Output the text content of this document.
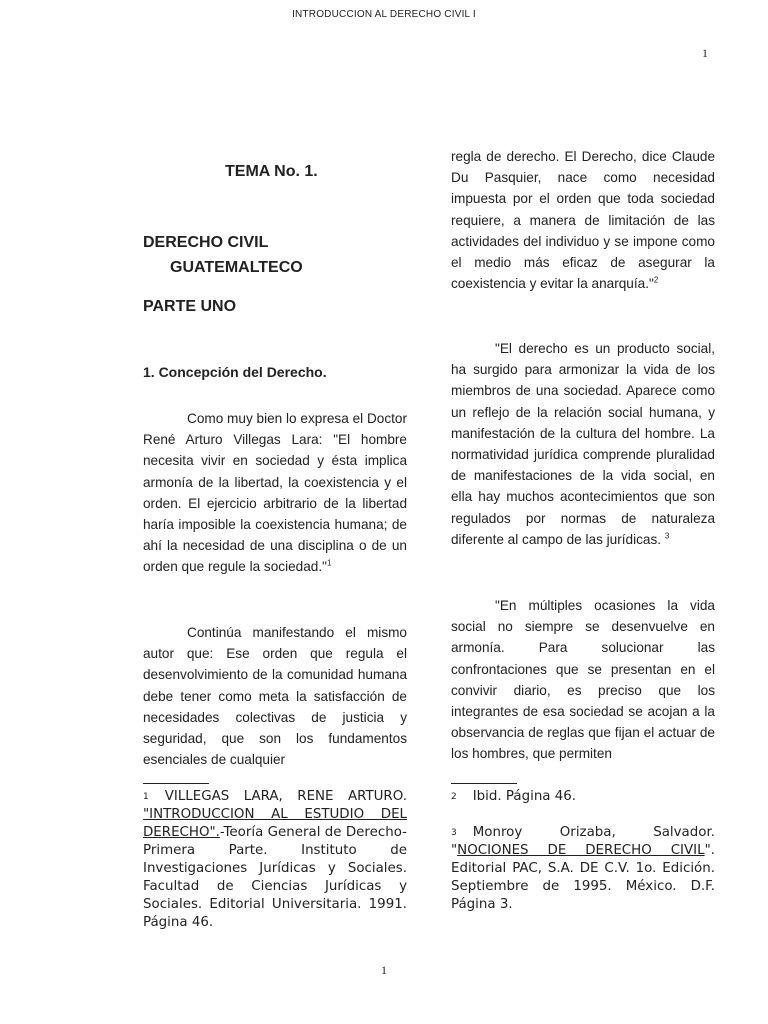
INTRODUCCION AL DERECHO CIVIL I
1
TEMA No. 1.
DERECHO CIVIL
GUATEMALTECO
PARTE UNO
1. Concepción del Derecho.

Como muy bien lo expresa el Doctor René Arturo Villegas Lara: "El hombre necesita vivir en sociedad y ésta implica armonía de la libertad, la coexistencia y el orden. El ejercicio arbitrario de la libertad haría imposible la coexistencia humana; de ahí la necesidad de una disciplina o de un orden que regule la sociedad."$^1$

Continúa manifestando el mismo autor que: Ese orden que regula el desenvolvimiento de la comunidad humana debe tener como meta la satisfacción de necesidades colectivas de justicia y seguridad, que son los fundamentos esenciales de cualquier

regla de derecho. El Derecho, dice Claude Du Pasquier, nace como necesidad impuesta por el orden que toda sociedad requiere, a manera de limitación de las actividades del individuo y se impone como el medio más eficaz de asegurar la coexistencia y evitar la anarquía."$^2$

"El derecho es un producto social, ha surgido para armonizar la vida de los miembros de una sociedad. Aparece como un reflejo de la relación social humana, y manifestación de la cultura del hombre. La normatividad jurídica comprende pluralidad de manifestaciones de la vida social, en ella hay muchos acontecimientos que son regulados por normas de naturaleza diferente al campo de las jurídicas. $^3$

"En múltiples ocasiones la vida social no siempre se desenvuelve en armonía. Para solucionar las confrontaciones que se presentan en el convivir diario, es preciso que los integrantes de esa sociedad se acojan a la observancia de reglas que fijan el actuar de los hombres, que permiten

$^1$ VILLEGAS LARA, RENE ARTURO. "INTRODUCCION AL ESTUDIO DEL DERECHO".-Teoría General de Derecho- Primera Parte. Instituto de Investigaciones Jurídicas y Sociales. Facultad de Ciencias Jurídicas y Sociales. Editorial Universitaria. 1991. Página 46.

$^2$ Ibid. Página 46.

$^3$ Monroy Orizaba, Salvador. "NOCIONES DE DERECHO CIVIL". Editorial PAC, S.A. DE C.V. 1o. Edición. Septiembre de 1995. México. D.F. Página 3.

1
